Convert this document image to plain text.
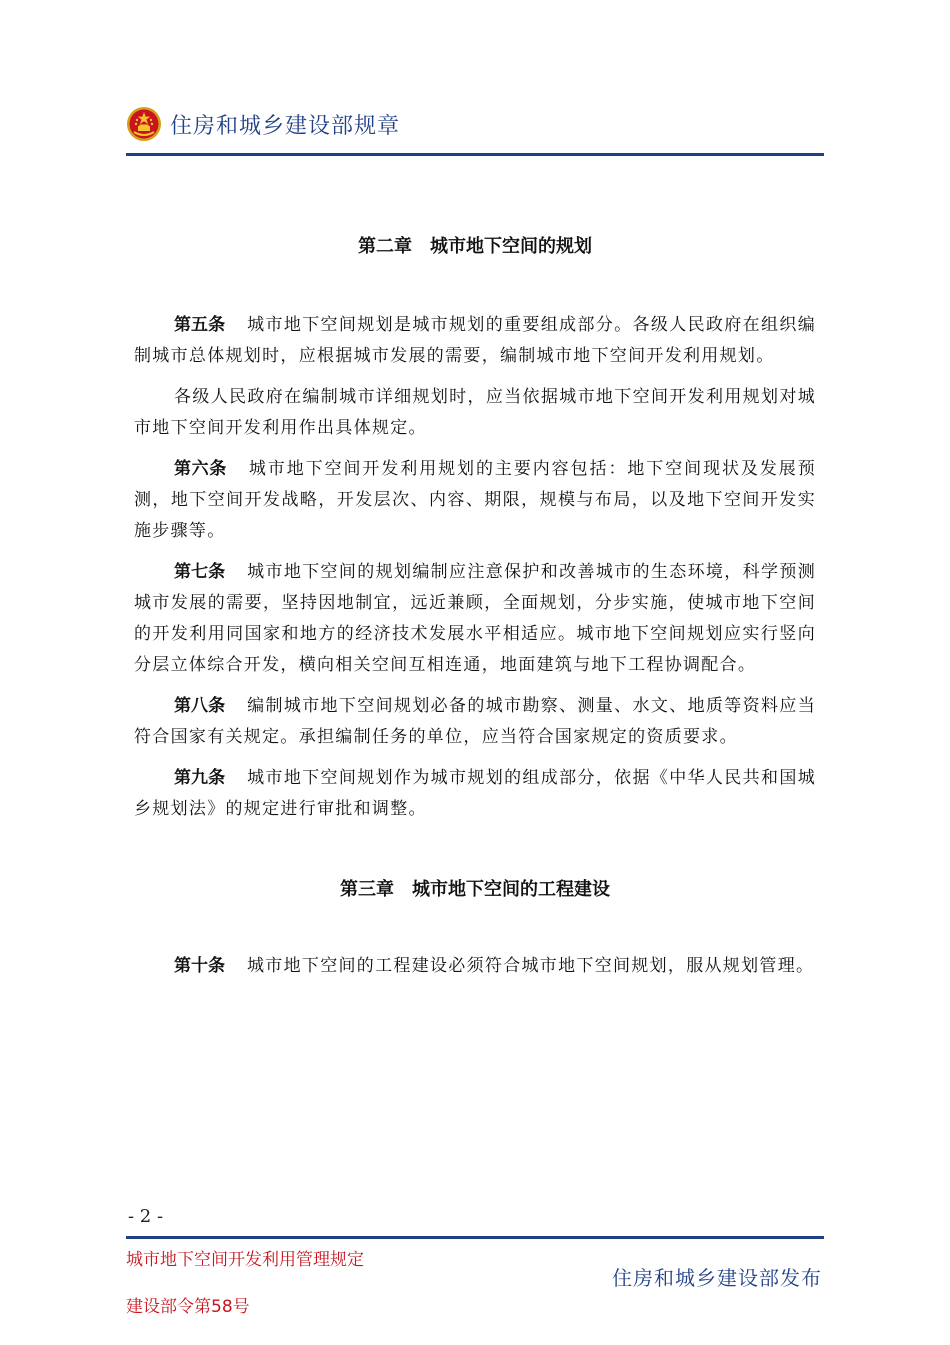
住房和城乡建设部规章
第二章　城市地下空间的规划

第五条 城市地下空间规划是城市规划的重要组成部分。各级人民政府在组织编制城市总体规划时，应根据城市发展的需要，编制城市地下空间开发利用规划。

各级人民政府在编制城市详细规划时，应当依据城市地下空间开发利用规划对城市地下空间开发利用作出具体规定。

第六条 城市地下空间开发利用规划的主要内容包括：地下空间现状及发展预测，地下空间开发战略，开发层次、内容、期限，规模与布局，以及地下空间开发实施步骤等。

第七条 城市地下空间的规划编制应注意保护和改善城市的生态环境，科学预测城市发展的需要，坚持因地制宜，远近兼顾，全面规划，分步实施，使城市地下空间的开发利用同国家和地方的经济技术发展水平相适应。城市地下空间规划应实行竖向分层立体综合开发，横向相关空间互相连通，地面建筑与地下工程协调配合。

第八条 编制城市地下空间规划必备的城市勘察、测量、水文、地质等资料应当符合国家有关规定。承担编制任务的单位，应当符合国家规定的资质要求。

第九条 城市地下空间规划作为城市规划的组成部分，依据《中华人民共和国城乡规划法》的规定进行审批和调整。

第三章　城市地下空间的工程建设

第十条 城市地下空间的工程建设必须符合城市地下空间规划，服从规划管理。

- 2 -
城市地下空间开发利用管理规定
建设部令第58号
住房和城乡建设部发布
